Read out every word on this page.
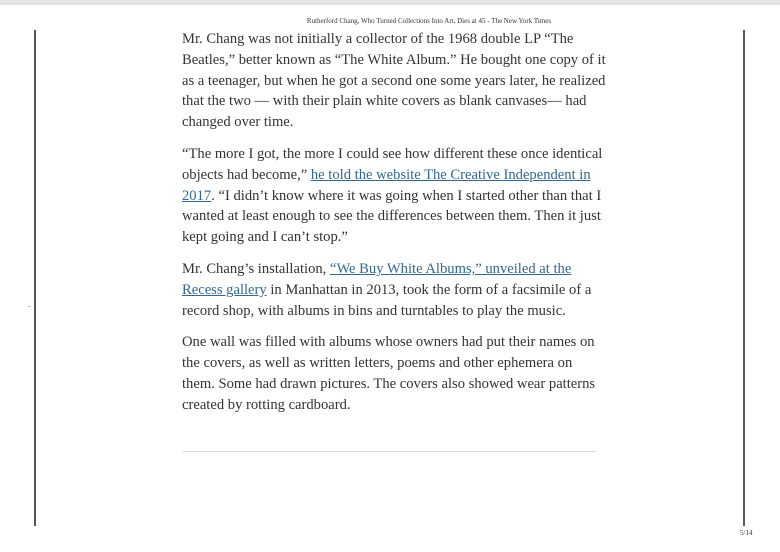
Rutherford Chang, Who Turned Collections Into Art, Dies at 45 - The New York Times

Mr. Chang was not initially a collector of the 1968 double LP “The Beatles,” better known as “The White Album.” He bought one copy of it as a teenager, but when he got a second one some years later, he realized that the two — with their plain white covers as blank canvases— had changed over time.

“The more I got, the more I could see how different these once identical objects had become,” he told the website The Creative Independent in 2017. “I didn’t know where it was going when I started other than that I wanted at least enough to see the differences between them. Then it just kept going and I can’t stop.”

Mr. Chang’s installation, “We Buy White Albums,” unveiled at the Recess gallery in Manhattan in 2013, took the form of a facsimile of a record shop, with albums in bins and turntables to play the music.

One wall was filled with albums whose owners had put their names on the covers, as well as written letters, poems and other ephemera on them. Some had drawn pictures. The covers also showed wear patterns created by rotting cardboard.

5/14
